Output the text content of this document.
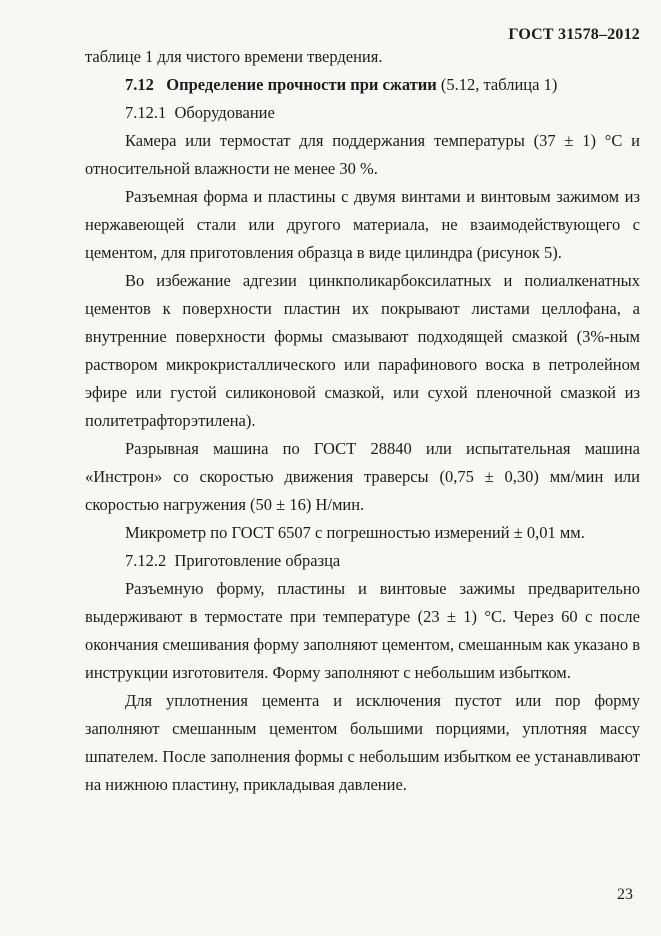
ГОСТ 31578–2012

таблице 1 для чистого времени твердения.

7.12   Определение прочности при сжатии (5.12, таблица 1)

7.12.1  Оборудование

Камера или термостат для поддержания температуры (37 ± 1) °С и относительной влажности не менее 30 %.

Разъемная форма и пластины с двумя винтами и винтовым зажимом из нержавеющей стали или другого материала, не взаимодействующего с цементом, для приготовления образца в виде цилиндра (рисунок 5).

Во избежание адгезии цинкполикарбоксилатных и полиалкенатных цементов к поверхности пластин их покрывают листами целлофана, а внутренние поверхности формы смазывают подходящей смазкой (3%-ным раствором микрокристаллического или парафинового воска в петролейном эфире или густой силиконовой смазкой, или сухой пленочной смазкой из политетрафторэтилена).

Разрывная машина по ГОСТ 28840 или испытательная машина «Инстрон» со скоростью движения траверсы (0,75 ± 0,30) мм/мин или скоростью нагружения (50 ± 16) Н/мин.

Микрометр по ГОСТ 6507 с погрешностью измерений ± 0,01 мм.

7.12.2  Приготовление образца

Разъемную форму, пластины и винтовые зажимы предварительно выдерживают в термостате при температуре (23 ± 1) °С. Через 60 с после окончания смешивания форму заполняют цементом, смешанным как указано в инструкции изготовителя. Форму заполняют с небольшим избытком.

Для уплотнения цемента и исключения пустот или пор форму заполняют смешанным цементом большими порциями, уплотняя массу шпателем. После заполнения формы с небольшим избытком ее устанавливают на нижнюю пластину, прикладывая давление.

23
